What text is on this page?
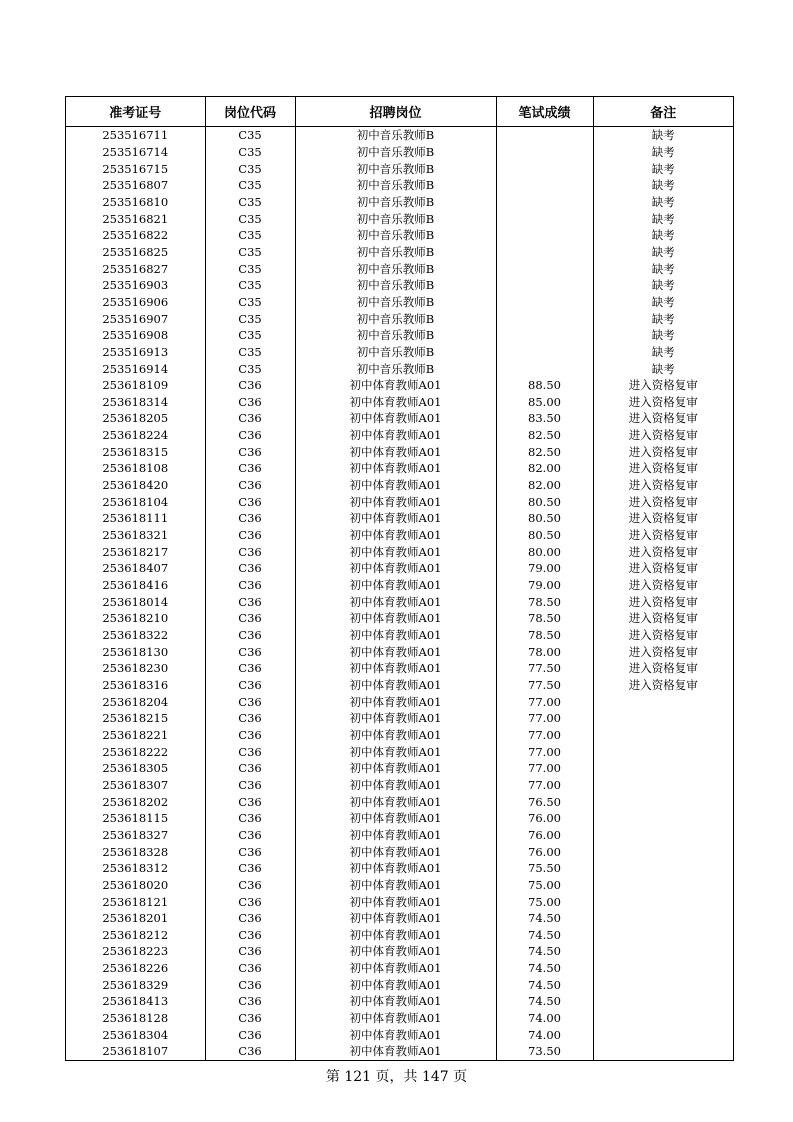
准考证号	岗位代码	招聘岗位	笔试成绩	备注
253516711	C35	初中音乐教师B		缺考
253516714	C35	初中音乐教师B		缺考
253516715	C35	初中音乐教师B		缺考
253516807	C35	初中音乐教师B		缺考
253516810	C35	初中音乐教师B		缺考
253516821	C35	初中音乐教师B		缺考
253516822	C35	初中音乐教师B		缺考
253516825	C35	初中音乐教师B		缺考
253516827	C35	初中音乐教师B		缺考
253516903	C35	初中音乐教师B		缺考
253516906	C35	初中音乐教师B		缺考
253516907	C35	初中音乐教师B		缺考
253516908	C35	初中音乐教师B		缺考
253516913	C35	初中音乐教师B		缺考
253516914	C35	初中音乐教师B		缺考
253618109	C36	初中体育教师A01	88.50	进入资格复审
253618314	C36	初中体育教师A01	85.00	进入资格复审
253618205	C36	初中体育教师A01	83.50	进入资格复审
253618224	C36	初中体育教师A01	82.50	进入资格复审
253618315	C36	初中体育教师A01	82.50	进入资格复审
253618108	C36	初中体育教师A01	82.00	进入资格复审
253618420	C36	初中体育教师A01	82.00	进入资格复审
253618104	C36	初中体育教师A01	80.50	进入资格复审
253618111	C36	初中体育教师A01	80.50	进入资格复审
253618321	C36	初中体育教师A01	80.50	进入资格复审
253618217	C36	初中体育教师A01	80.00	进入资格复审
253618407	C36	初中体育教师A01	79.00	进入资格复审
253618416	C36	初中体育教师A01	79.00	进入资格复审
253618014	C36	初中体育教师A01	78.50	进入资格复审
253618210	C36	初中体育教师A01	78.50	进入资格复审
253618322	C36	初中体育教师A01	78.50	进入资格复审
253618130	C36	初中体育教师A01	78.00	进入资格复审
253618230	C36	初中体育教师A01	77.50	进入资格复审
253618316	C36	初中体育教师A01	77.50	进入资格复审
253618204	C36	初中体育教师A01	77.00	
253618215	C36	初中体育教师A01	77.00	
253618221	C36	初中体育教师A01	77.00	
253618222	C36	初中体育教师A01	77.00	
253618305	C36	初中体育教师A01	77.00	
253618307	C36	初中体育教师A01	77.00	
253618202	C36	初中体育教师A01	76.50	
253618115	C36	初中体育教师A01	76.00	
253618327	C36	初中体育教师A01	76.00	
253618328	C36	初中体育教师A01	76.00	
253618312	C36	初中体育教师A01	75.50	
253618020	C36	初中体育教师A01	75.00	
253618121	C36	初中体育教师A01	75.00	
253618201	C36	初中体育教师A01	74.50	
253618212	C36	初中体育教师A01	74.50	
253618223	C36	初中体育教师A01	74.50	
253618226	C36	初中体育教师A01	74.50	
253618329	C36	初中体育教师A01	74.50	
253618413	C36	初中体育教师A01	74.50	
253618128	C36	初中体育教师A01	74.00	
253618304	C36	初中体育教师A01	74.00	
253618107	C36	初中体育教师A01	73.50	
第 121 页，共 147 页
